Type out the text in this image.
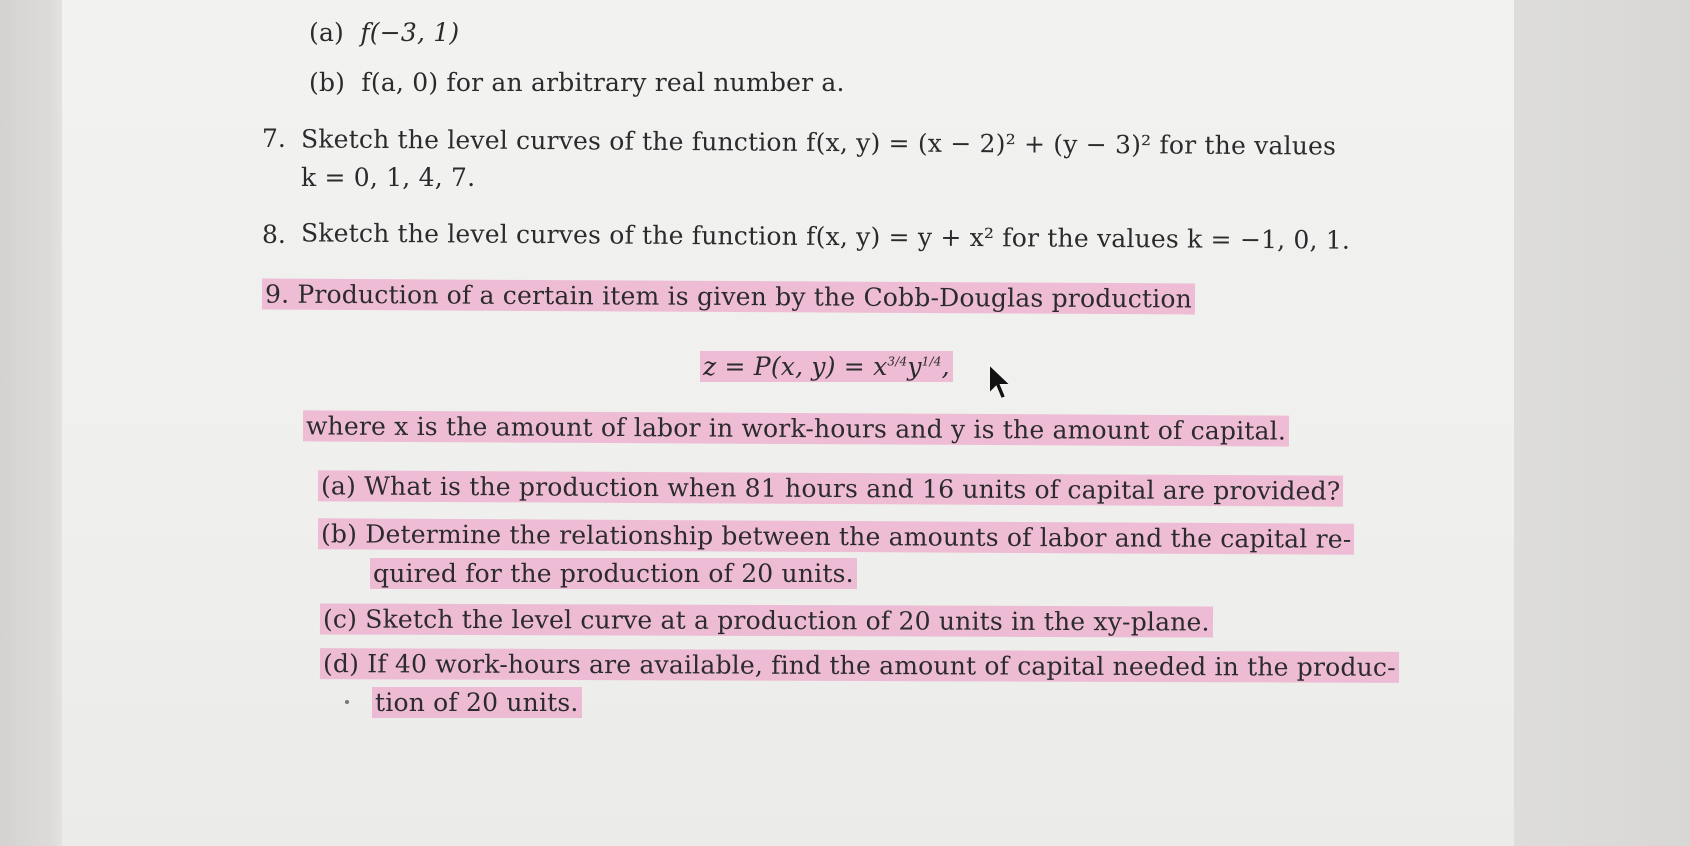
(a) f(−3, 1)
(b) f(a, 0) for an arbitrary real number a.
7. Sketch the level curves of the function f(x, y) = (x − 2)² + (y − 3)² for the values
k = 0, 1, 4, 7.
8. Sketch the level curves of the function f(x, y) = y + x² for the values k = −1, 0, 1.
9. Production of a certain item is given by the Cobb-Douglas production
z = P(x, $y) = x^{3/4}y^{1/4}$,
where x is the amount of labor in work-hours and y is the amount of capital.
(a) What is the production when 81 hours and 16 units of capital are provided?
(b) Determine the relationship between the amounts of labor and the capital re-
quired for the production of 20 units.
(c) Sketch the level curve at a production of 20 units in the xy-plane.
(d) If 40 work-hours are available, find the amount of capital needed in the produc-
tion of 20 units.
